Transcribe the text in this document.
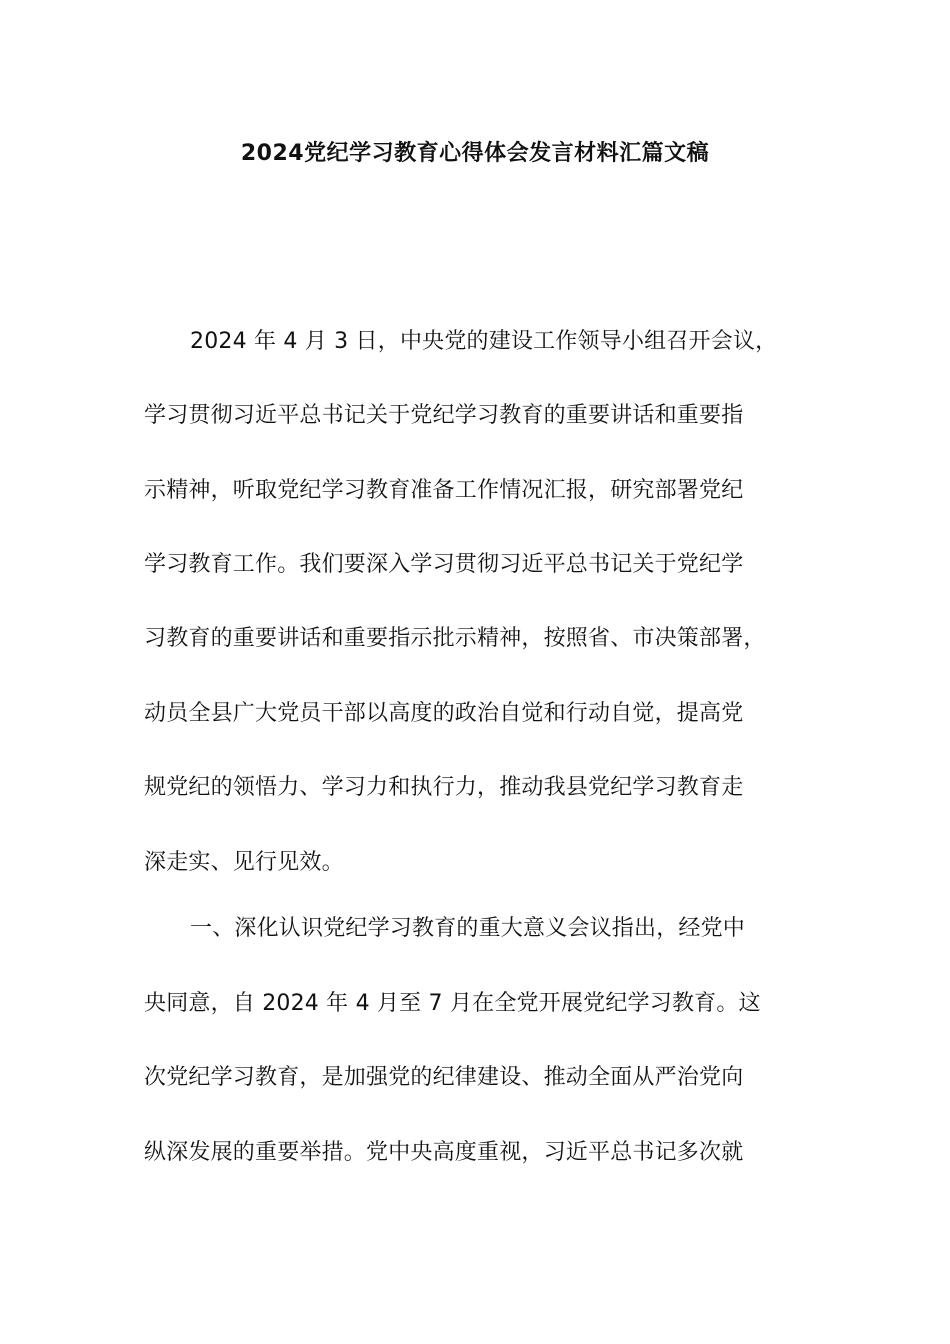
2024党纪学习教育心得体会发言材料汇篇文稿
2024 年 4 月 3 日，中央党的建设工作领导小组召开会议，
学习贯彻习近平总书记关于党纪学习教育的重要讲话和重要指
示精神，听取党纪学习教育准备工作情况汇报，研究部署党纪
学习教育工作。我们要深入学习贯彻习近平总书记关于党纪学
习教育的重要讲话和重要指示批示精神，按照省、市决策部署，
动员全县广大党员干部以高度的政治自觉和行动自觉，提高党
规党纪的领悟力、学习力和执行力，推动我县党纪学习教育走
深走实、见行见效。
一、深化认识党纪学习教育的重大意义会议指出，经党中
央同意，自 2024 年 4 月至 7 月在全党开展党纪学习教育。这
次党纪学习教育，是加强党的纪律建设、推动全面从严治党向
纵深发展的重要举措。党中央高度重视，习近平总书记多次就
